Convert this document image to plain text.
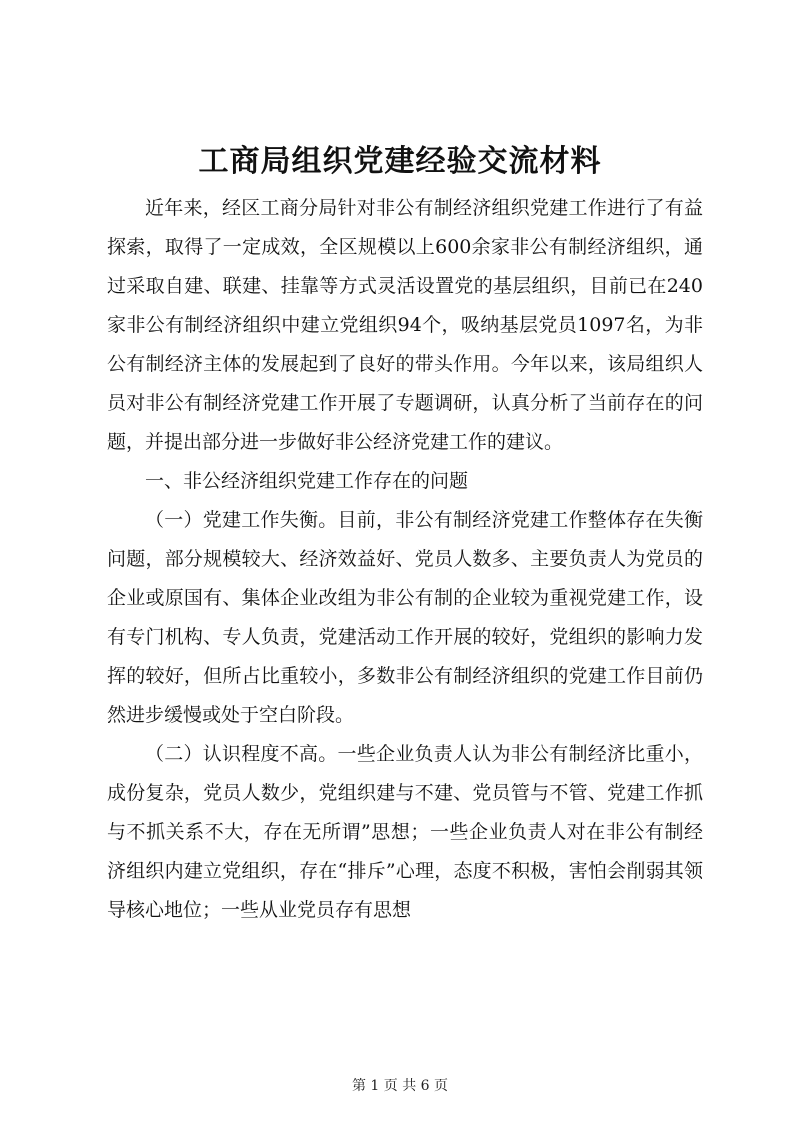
工商局组织党建经验交流材料

近年来，经区工商分局针对非公有制经济组织党建工作进行了有益探索，取得了一定成效，全区规模以上600余家非公有制经济组织，通过采取自建、联建、挂靠等方式灵活设置党的基层组织，目前已在240家非公有制经济组织中建立党组织94个，吸纳基层党员1097名，为非公有制经济主体的发展起到了良好的带头作用。今年以来，该局组织人员对非公有制经济党建工作开展了专题调研，认真分析了当前存在的问题，并提出部分进一步做好非公经济党建工作的建议。

一、非公经济组织党建工作存在的问题

（一）党建工作失衡。目前，非公有制经济党建工作整体存在失衡问题，部分规模较大、经济效益好、党员人数多、主要负责人为党员的企业或原国有、集体企业改组为非公有制的企业较为重视党建工作，设有专门机构、专人负责，党建活动工作开展的较好，党组织的影响力发挥的较好，但所占比重较小，多数非公有制经济组织的党建工作目前仍然进步缓慢或处于空白阶段。

（二）认识程度不高。一些企业负责人认为非公有制经济比重小，成份复杂，党员人数少，党组织建与不建、党员管与不管、党建工作抓与不抓关系不大，存在无所谓”思想；一些企业负责人对在非公有制经济组织内建立党组织，存在“排斥”心理，态度不积极，害怕会削弱其领导核心地位；一些从业党员存有思想

第 1 页 共 6 页
